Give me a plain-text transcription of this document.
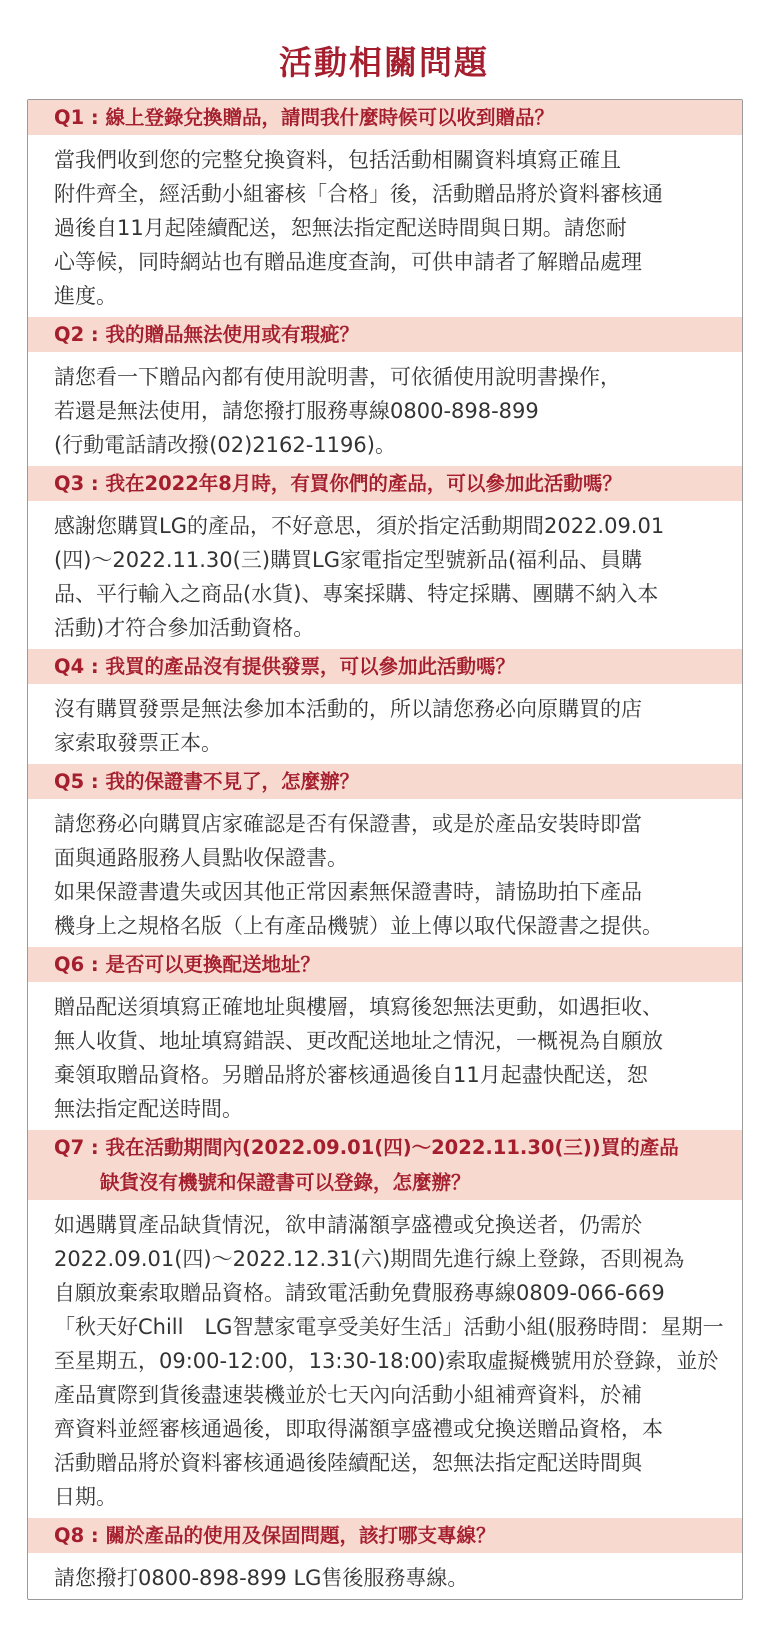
活動相關問題
Q1 : 線上登錄兌換贈品，請問我什麼時候可以收到贈品？
當我們收到您的完整兌換資料，包括活動相關資料填寫正確且
附件齊全，經活動小組審核「合格」後，活動贈品將於資料審核通
過後自11月起陸續配送，恕無法指定配送時間與日期。請您耐
心等候，同時網站也有贈品進度查詢，可供申請者了解贈品處理
進度。
Q2 : 我的贈品無法使用或有瑕疵？
請您看一下贈品內都有使用說明書，可依循使用說明書操作，
若還是無法使用，請您撥打服務專線0800-898-899
(行動電話請改撥(02)2162-1196)。
Q3 : 我在2022年8月時，有買你們的產品，可以參加此活動嗎？
感謝您購買LG的產品，不好意思，須於指定活動期間2022.09.01
(四)～2022.11.30(三)購買LG家電指定型號新品(福利品、員購
品、平行輸入之商品(水貨)、專案採購、特定採購、團購不納入本
活動)才符合參加活動資格。
Q4 : 我買的產品沒有提供發票，可以參加此活動嗎？
沒有購買發票是無法參加本活動的，所以請您務必向原購買的店
家索取發票正本。
Q5 : 我的保證書不見了，怎麼辦？
請您務必向購買店家確認是否有保證書，或是於產品安裝時即當
面與通路服務人員點收保證書。
如果保證書遺失或因其他正常因素無保證書時，請協助拍下產品
機身上之規格名版（上有產品機號）並上傳以取代保證書之提供。
Q6 : 是否可以更換配送地址？
贈品配送須填寫正確地址與樓層，填寫後恕無法更動，如遇拒收、
無人收貨、地址填寫錯誤、更改配送地址之情況，一概視為自願放
棄領取贈品資格。另贈品將於審核通過後自11月起盡快配送，恕
無法指定配送時間。
Q7 : 我在活動期間內(2022.09.01(四)～2022.11.30(三))買的產品
缺貨沒有機號和保證書可以登錄，怎麼辦？
如遇購買產品缺貨情況，欲申請滿額享盛禮或兌換送者，仍需於
2022.09.01(四)～2022.12.31(六)期間先進行線上登錄，否則視為
自願放棄索取贈品資格。請致電活動免費服務專線0809-066-669
「秋天好Chill　LG智慧家電享受美好生活」活動小組(服務時間：星期一
至星期五，09:00-12:00，13:30-18:00)索取虛擬機號用於登錄，並於
產品實際到貨後盡速裝機並於七天內向活動小組補齊資料，於補
齊資料並經審核通過後，即取得滿額享盛禮或兌換送贈品資格，本
活動贈品將於資料審核通過後陸續配送，恕無法指定配送時間與
日期。
Q8 : 關於產品的使用及保固問題，該打哪支專線？
請您撥打0800-898-899 LG售後服務專線。
